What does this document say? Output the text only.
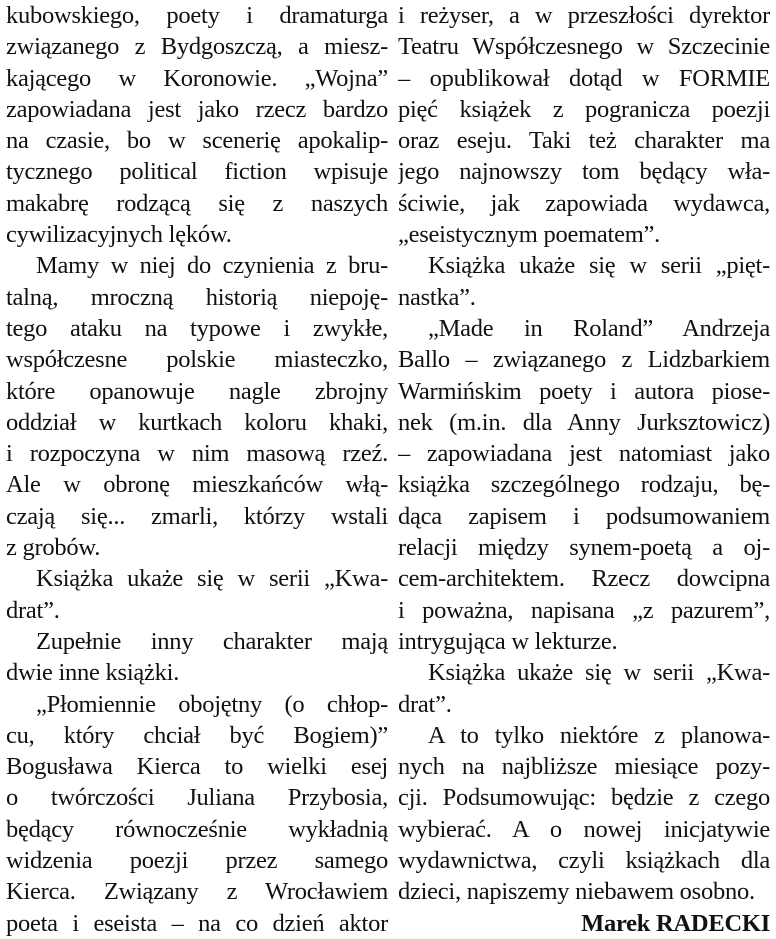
kubowskiego, poety i dramaturga
związanego z Bydgoszczą, a miesz-
kającego w Koronowie. „Wojna”
zapowiadana jest jako rzecz bardzo
na czasie, bo w scenerię apokalip-
tycznego political fiction wpisuje
makabrę rodzącą się z naszych
cywilizacyjnych lęków.
Mamy w niej do czynienia z bru-
talną, mroczną historią niepoję-
tego ataku na typowe i zwykłe,
współczesne polskie miasteczko,
które opanowuje nagle zbrojny
oddział w kurtkach koloru khaki,
i rozpoczyna w nim masową rzeź.
Ale w obronę mieszkańców włą-
czają się... zmarli, którzy wstali
z grobów.
Książka ukaże się w serii „Kwa-
drat”.
Zupełnie inny charakter mają
dwie inne książki.
„Płomiennie obojętny (o chłop-
cu, który chciał być Bogiem)”
Bogusława Kierca to wielki esej
o twórczości Juliana Przybosia,
będący równocześnie wykładnią
widzenia poezji przez samego
Kierca. Związany z Wrocławiem
poeta i eseista – na co dzień aktor
i reżyser, a w przeszłości dyrektor
Teatru Współczesnego w Szczecinie
– opublikował dotąd w FORMIE
pięć książek z pogranicza poezji
oraz eseju. Taki też charakter ma
jego najnowszy tom będący wła-
ściwie, jak zapowiada wydawca,
„eseistycznym poematem”.
Książka ukaże się w serii „pięt-
nastka”.
„Made in Roland” Andrzeja
Ballo – związanego z Lidzbarkiem
Warmińskim poety i autora piose-
nek (m.in. dla Anny Jurksztowicz)
– zapowiadana jest natomiast jako
książka szczególnego rodzaju, bę-
dąca zapisem i podsumowaniem
relacji między synem-poetą a oj-
cem-architektem. Rzecz dowcipna
i poważna, napisana „z pazurem”,
intrygująca w lekturze.
Książka ukaże się w serii „Kwa-
drat”.
A to tylko niektóre z planowa-
nych na najbliższe miesiące pozy-
cji. Podsumowując: będzie z czego
wybierać. A o nowej inicjatywie
wydawnictwa, czyli książkach dla
dzieci, napiszemy niebawem osobno.
Marek RADECKI
